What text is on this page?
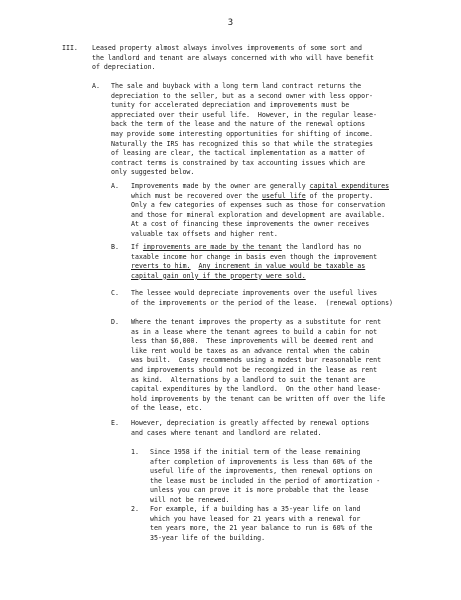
3
III. Leased property almost always involves improvements of some sort and
the landlord and tenant are always concerned with who will have benefit
of depreciation.
A. The sale and buyback with a long term land contract returns the
depreciation to the seller, but as a second owner with less oppor-
tunity for accelerated depreciation and improvements must be
appreciated over their useful life.  However, in the regular lease-
back the term of the lease and the nature of the renewal options
may provide some interesting opportunities for shifting of income.
Naturally the IRS has recognized this so that while the strategies
of leasing are clear, the tactical implementation as a matter of
contract terms is constrained by tax accounting issues which are
only suggested below.
A. Improvements made by the owner are generally capital expenditures
which must be recovered over the useful life of the property.
Only a few categories of expenses such as those for conservation
and those for mineral exploration and development are available.
At a cost of financing these improvements the owner receives
valuable tax offsets and higher rent.
B. If improvements are made by the tenant the landlord has no
taxable income hor change in basis even though the improvement
reverts to him. Any increment in value would be taxable as
capital gain only if the property were sold.
C. The lessee would depreciate improvements over the useful lives
of the improvements or the period of the lease.  (renewal options)
D. Where the tenant improves the property as a substitute for rent
as in a lease where the tenant agrees to build a cabin for not
less than $6,000.  These improvements will be deemed rent and
like rent would be taxes as an advance rental when the cabin
was built.  Casey recommends using a modest bur reasonable rent
and improvements should not be recongized in the lease as rent
as kind.  Alternations by a landlord to suit the tenant are
capital expenditures by the landlord.  On the other hand lease-
hold improvements by the tenant can be written off over the life
of the lease, etc.
E. However, depreciation is greatly affected by renewal options
and cases where tenant and landlord are related.
1. Since 1958 if the initial term of the lease remaining
after completion of improvements is less than 60% of the
useful life of the improvements, then renewal options on
the lease must be included in the period of amortization -
unless you can prove it is more probable that the lease
will not be renewed.
2. For example, if a building has a 35-year life on land
which you have leased for 21 years with a renewal for
ten years more, the 21 year balance to run is 60% of the
35-year life of the building.
